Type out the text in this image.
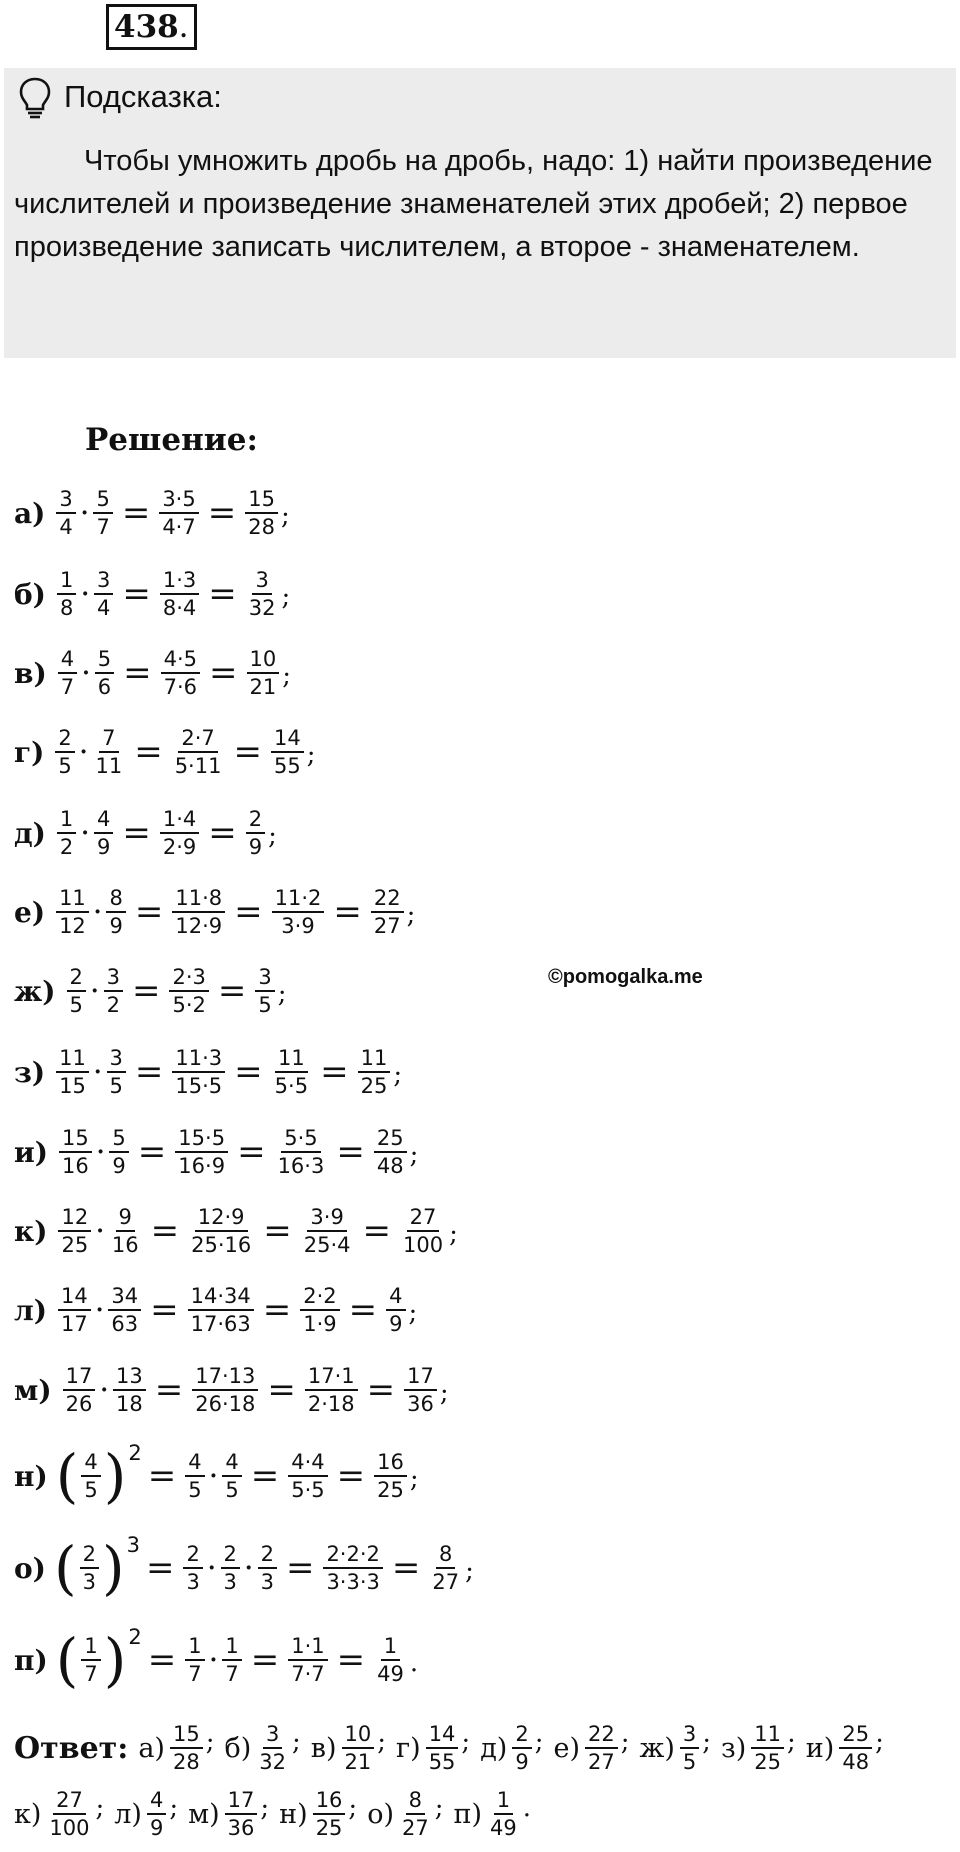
438.
Подсказка:
Чтобы умножить дробь на дробь, надо: 1) найти произведение числителей и произведение знаменателей этих дробей; 2) первое произведение записать числителем, а второе - знаменателем.
Решение:
$а) \frac{3}{4} \cdot \frac{5}{7} = \frac{3\cdot 5}{4\cdot 7} = \frac{15}{28}$ ;
$б) \frac{1}{8} \cdot \frac{3}{4} = \frac{1\cdot 3}{8\cdot 4} = \frac{3}{32}$ ;
$в) \frac{4}{7} \cdot \frac{5}{6} = \frac{4\cdot 5}{7\cdot 6} = \frac{10}{21}$ ;
$г) \frac{2}{5} \cdot \frac{7}{11} = \frac{2\cdot 7}{5\cdot 11} = \frac{14}{55}$ ;
$д) \frac{1}{2} \cdot \frac{4}{9} = \frac{1\cdot 4}{2\cdot 9} = \frac{2}{9}$ ;
$е) \frac{11}{12} \cdot \frac{8}{9} = \frac{11\cdot 8}{12\cdot 9} = \frac{11\cdot 2}{3\cdot 9} = \frac{22}{27}$ ;
$ж) \frac{2}{5} \cdot \frac{3}{2} = \frac{2\cdot 3}{5\cdot 2} = \frac{3}{5}$ ;
$з) \frac{11}{15} \cdot \frac{3}{5} = \frac{11\cdot 3}{15\cdot 5} = \frac{11}{5\cdot 5} = \frac{11}{25}$ ;
$и) \frac{15}{16} \cdot \frac{5}{9} = \frac{15\cdot 5}{16\cdot 9} = \frac{5\cdot 5}{16\cdot 3} = \frac{25}{48}$ ;
$к) \frac{12}{25} \cdot \frac{9}{16} = \frac{12\cdot 9}{25\cdot 16} = \frac{3\cdot 9}{25\cdot 4} = \frac{27}{100}$ ;
$л) \frac{14}{17} \cdot \frac{34}{63} = \frac{14\cdot 34}{17\cdot 63} = \frac{2\cdot 2}{1\cdot 9} = \frac{4}{9}$ ;
$м) \frac{17}{26} \cdot \frac{13}{18} = \frac{17\cdot 13}{26\cdot 18} = \frac{17\cdot 1}{2\cdot 18} = \frac{17}{36}$ ;
н) ( $\frac{4}{5}$ ) 2
= $\frac{4}{5} \cdot \frac{4}{5} = \frac{4\cdot 4}{5\cdot 5} = \frac{16}{25}$ ;
о) ( $\frac{2}{3}$ ) 3
= $\frac{2}{3} \cdot \frac{2}{3} \cdot \frac{2}{3} = \frac{2\cdot 2\cdot 2}{3\cdot 3\cdot 3} = \frac{8}{27}$ ;
п) ( $\frac{1}{7}$ ) 2
= $\frac{1}{7} \cdot \frac{1}{7} = \frac{1\cdot 1}{7\cdot 7} = \frac{1}{49}$ .
©pomogalka.me
Ответ: $а) \frac{15}{28}$ ; $б) \frac{3}{32}$ ; $в) \frac{10}{21}$ ; $г) \frac{14}{55}$ ; $д) \frac{2}{9}$ ; $е) \frac{22}{27}$ ; $ж) \frac{3}{5}$ ; $з) \frac{11}{25}$ ; $и) \frac{25}{48}$ ;
$к) \frac{27}{100}$ ; $л) \frac{4}{9}$ ; $м) \frac{17}{36}$ ; $н) \frac{16}{25}$ ; $о) \frac{8}{27}$ ; $п) \frac{1}{49}$ .
